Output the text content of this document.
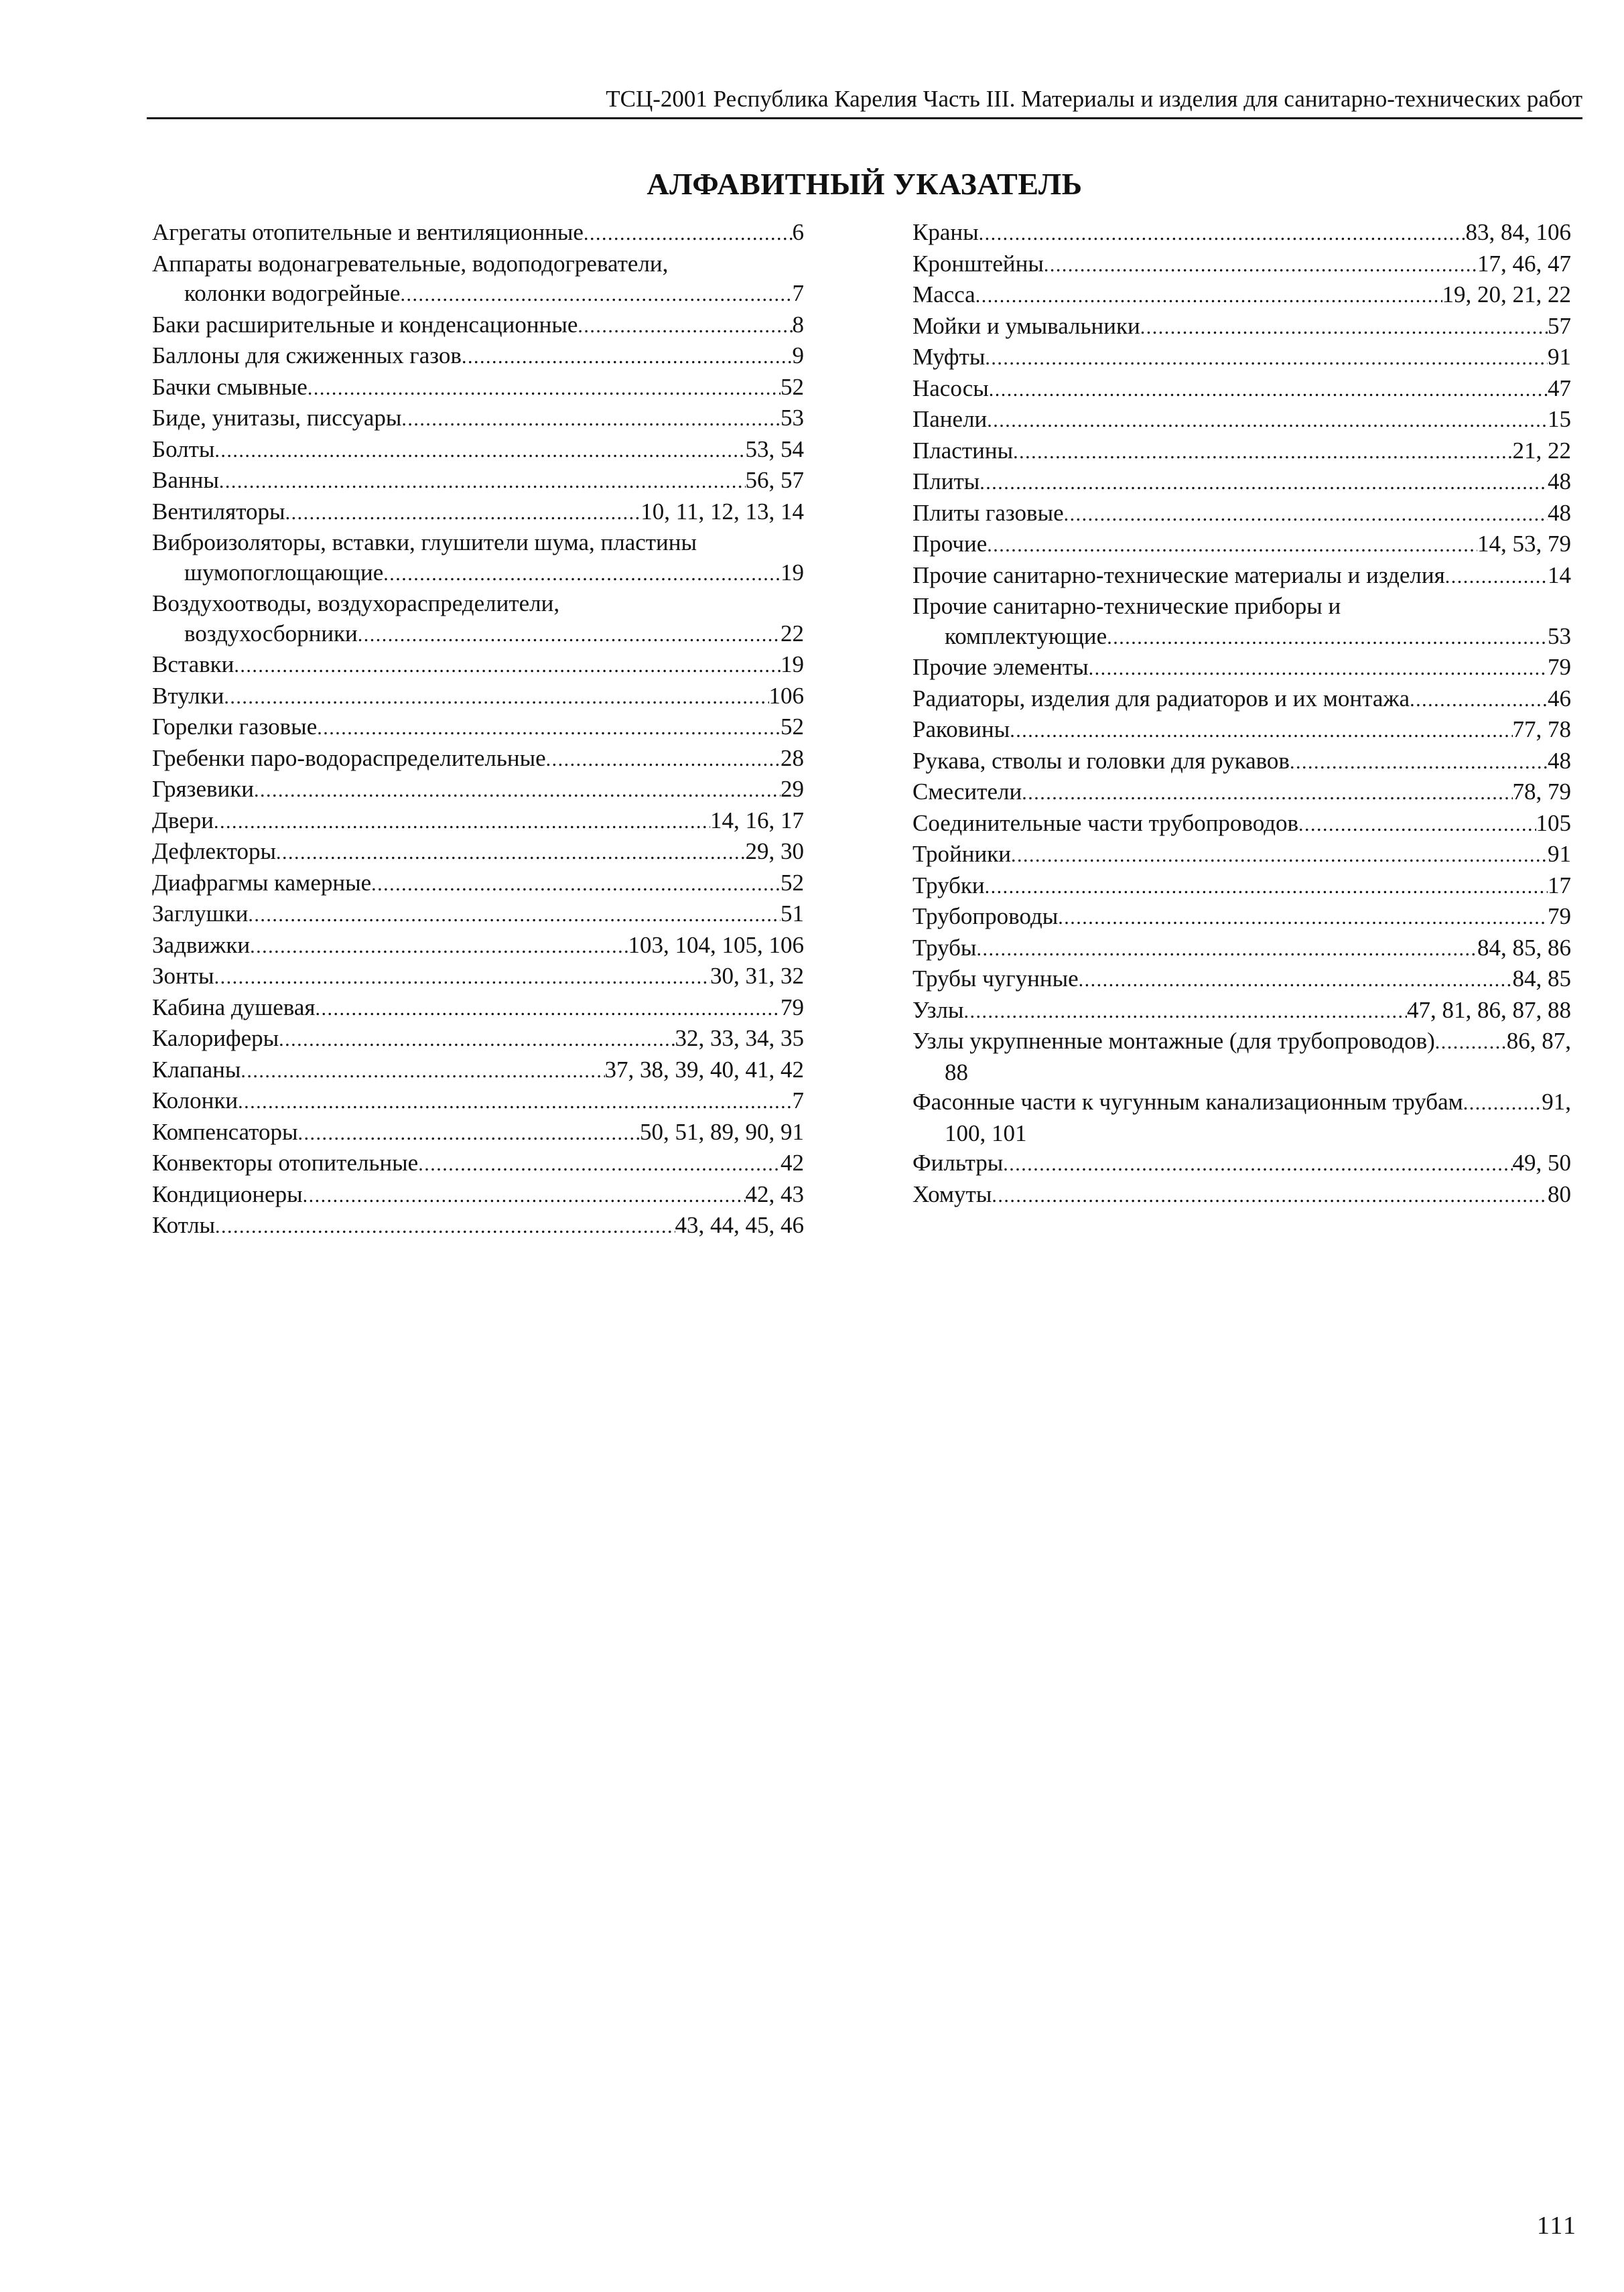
ТСЦ-2001 Республика Карелия Часть III. Материалы и изделия для санитарно-технических работ
АЛФАВИТНЫЙ УКАЗАТЕЛЬ
Агрегаты отопительные и вентиляционные .....	6
Аппараты водонагревательные, водоподогреватели,
колонки водогрейные .....	7
Баки расширительные и конденсационные .....	8
Баллоны для сжиженных газов .....	9
Бачки смывные .....	52
Биде, унитазы, писсуары .....	53
Болты .....	53, 54
Ванны .....	56, 57
Вентиляторы .....	10, 11, 12, 13, 14
Виброизоляторы, вставки, глушители шума, пластины
шумопоглощающие .....	19
Воздухоотводы, воздухораспределители,
воздухосборники .....	22
Вставки .....	19
Втулки .....	106
Горелки газовые .....	52
Гребенки паро-водораспределительные .....	28
Грязевики .....	29
Двери .....	14, 16, 17
Дефлекторы .....	29, 30
Диафрагмы камерные .....	52
Заглушки .....	51
Задвижки .....	103, 104, 105, 106
Зонты .....	30, 31, 32
Кабина душевая .....	79
Калориферы .....	32, 33, 34, 35
Клапаны .....	37, 38, 39, 40, 41, 42
Колонки .....	7
Компенсаторы .....	50, 51, 89, 90, 91
Конвекторы отопительные .....	42
Кондиционеры .....	42, 43
Котлы .....	43, 44, 45, 46
Краны .....	83, 84, 106
Кронштейны .....	17, 46, 47
Масса .....	19, 20, 21, 22
Мойки и умывальники .....	57
Муфты .....	91
Насосы .....	47
Панели .....	15
Пластины .....	21, 22
Плиты .....	48
Плиты газовые .....	48
Прочие .....	14, 53, 79
Прочие санитарно-технические материалы и изделия .....	14
Прочие санитарно-технические приборы и
комплектующие .....	53
Прочие элементы .....	79
Радиаторы, изделия для радиаторов и их монтажа .....	46
Раковины .....	77, 78
Рукава, стволы и головки для рукавов .....	48
Смесители .....	78, 79
Соединительные части трубопроводов .....	105
Тройники .....	91
Трубки .....	17
Трубопроводы .....	79
Трубы .....	84, 85, 86
Трубы чугунные .....	84, 85
Узлы .....	47, 81, 86, 87, 88
Узлы укрупненные монтажные (для трубопроводов) .....	86, 87,
88
Фасонные части к чугунным канализационным трубам .....	91,
100, 101
Фильтры .....	49, 50
Хомуты .....	80
111
